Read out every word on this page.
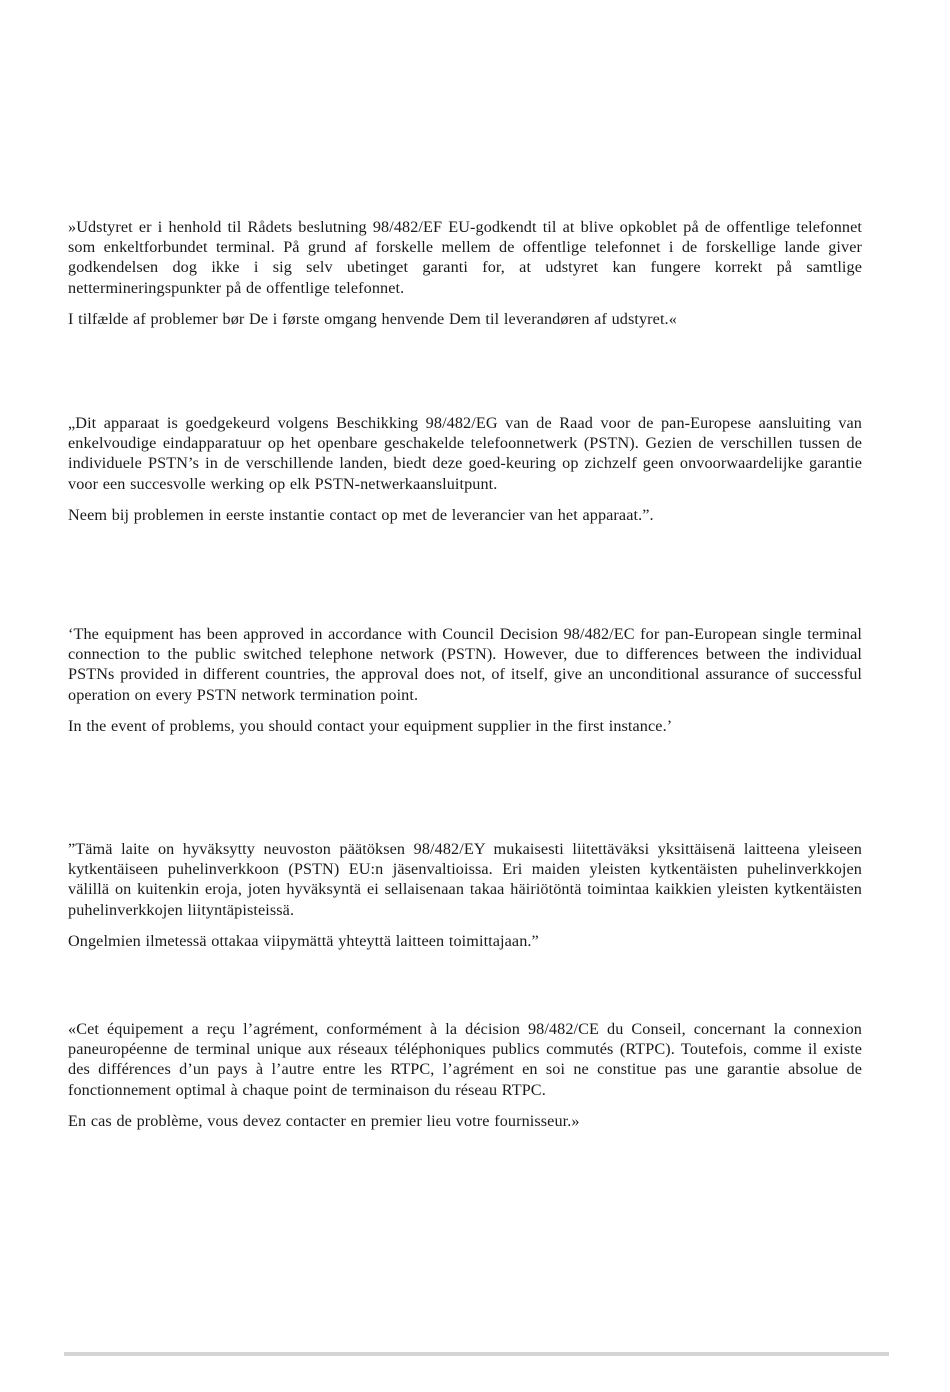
»Udstyret er i henhold til Rådets beslutning 98/482/EF EU-godkendt til at blive opkoblet på de offentlige telefonnet som enkeltforbundet terminal. På grund af forskelle mellem de offentlige telefonnet i de forskellige lande giver godkendelsen dog ikke i sig selv ubetinget garanti for, at udstyret kan fungere korrekt på samtlige nettermineringspunkter på de offentlige telefonnet.

I tilfælde af problemer bør De i første omgang henvende Dem til leverandøren af udstyret.«

„Dit apparaat is goedgekeurd volgens Beschikking 98/482/EG van de Raad voor de pan-Europese aansluiting van enkelvoudige eindapparatuur op het openbare geschakelde telefoonnetwerk (PSTN). Gezien de verschillen tussen de individuele PSTN’s in de verschillende landen, biedt deze goed-keuring op zichzelf geen onvoorwaardelijke garantie voor een succesvolle werking op elk PSTN-netwerkaansluitpunt.

Neem bij problemen in eerste instantie contact op met de leverancier van het apparaat.”.

‘The equipment has been approved in accordance with Council Decision 98/482/EC for pan-European single terminal connection to the public switched telephone network (PSTN). However, due to differences between the individual PSTNs provided in different countries, the approval does not, of itself, give an unconditional assurance of successful operation on every PSTN network termination point.

In the event of problems, you should contact your equipment supplier in the first instance.’

”Tämä laite on hyväksytty neuvoston päätöksen 98/482/EY mukaisesti liitettäväksi yksittäisenä laitteena yleiseen kytkentäiseen puhelinverkkoon (PSTN) EU:n jäsenvaltioissa. Eri maiden yleisten kytkentäisten puhelinverkkojen välillä on kuitenkin eroja, joten hyväksyntä ei sellaisenaan takaa häiriötöntä toimintaa kaikkien yleisten kytkentäisten puhelinverkkojen liityntäpisteissä.

Ongelmien ilmetessä ottakaa viipymättä yhteyttä laitteen toimittajaan.”

«Cet équipement a reçu l’agrément, conformément à la décision 98/482/CE du Conseil, concernant la connexion paneuropéenne de terminal unique aux réseaux téléphoniques publics commutés (RTPC). Toutefois, comme il existe des différences d’un pays à l’autre entre les RTPC, l’agrément en soi ne constitue pas une garantie absolue de fonctionnement optimal à chaque point de terminaison du réseau RTPC.

En cas de problème, vous devez contacter en premier lieu votre fournisseur.»
